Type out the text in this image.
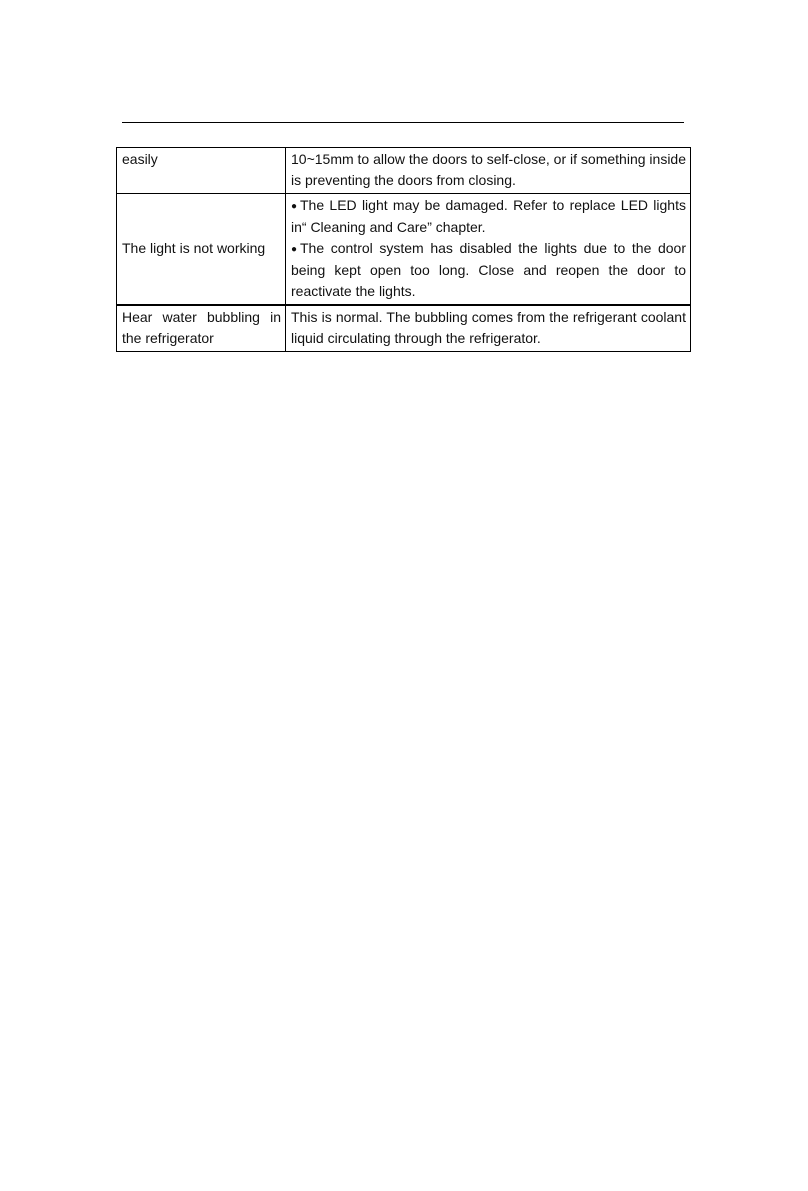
easily	10~15mm to allow the doors to self-close, or if something inside is preventing the doors from closing.
The light is not working	● The LED light may be damaged. Refer to replace LED lights in“ Cleaning and Care” chapter.
● The control system has disabled the lights due to the door being kept open too long. Close and reopen the door to reactivate the lights.

Hear water bubbling in the refrigerator	This is normal. The bubbling comes from the refrigerant coolant liquid circulating through the refrigerator.
